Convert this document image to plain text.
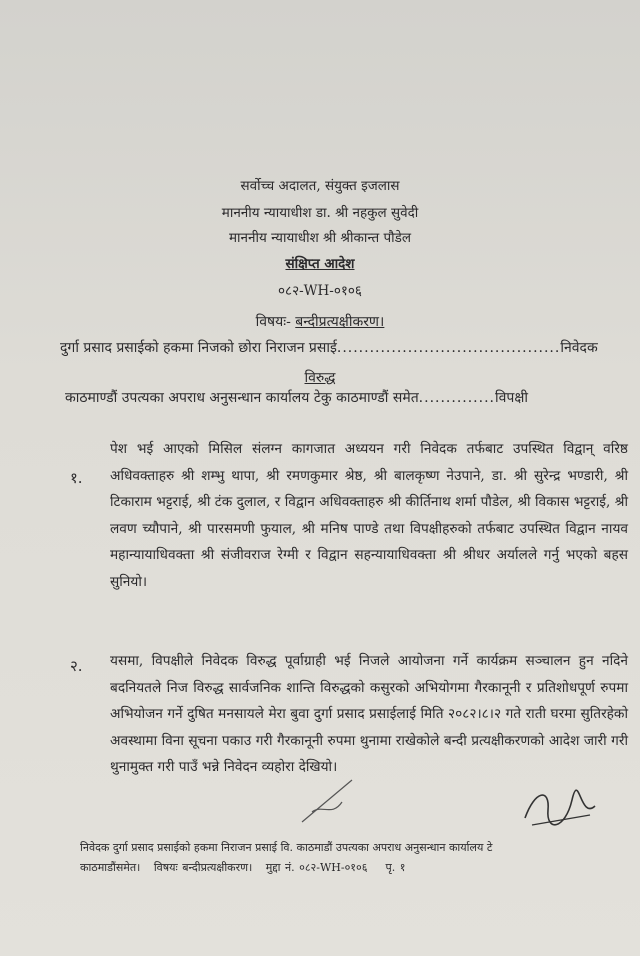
सर्वोच्च अदालत, संयुक्त इजलास
माननीय न्यायाधीश डा. श्री नहकुल सुवेदी
माननीय न्यायाधीश श्री श्रीकान्त पौडेल
संक्षिप्त आदेश
०८२-WH-०१०६
विषयः- बन्दीप्रत्यक्षीकरण।
दुर्गा प्रसाद प्रसाईको हकमा निजको छोरा निराजन प्रसाई.........................................निवेदक
विरुद्ध
काठमाण्डौं उपत्यका अपराध अनुसन्धान कार्यालय टेकु काठमाण्डौं समेत..............विपक्षी
१.
पेश भई आएको मिसिल संलग्न कागजात अध्ययन गरी निवेदक तर्फबाट उपस्थित विद्वान् वरिष्ठ अधिवक्ताहरु श्री शम्भु थापा, श्री रमणकुमार श्रेष्ठ, श्री बालकृष्ण नेउपाने, डा. श्री सुरेन्द्र भण्डारी, श्री टिकाराम भट्टराई, श्री टंक दुलाल, र विद्वान अधिवक्ताहरु श्री कीर्तिनाथ शर्मा पौडेल, श्री विकास भट्टराई, श्री लवण च्यौपाने, श्री पारसमणी फुयाल, श्री मनिष पाण्डे तथा विपक्षीहरुको तर्फबाट उपस्थित विद्वान नायव महान्यायाधिवक्ता श्री संजीवराज रेग्मी र विद्वान सहन्यायाधिवक्ता श्री श्रीधर अर्यालले गर्नु भएको बहस सुनियो।
२. यसमा, विपक्षीले निवेदक विरुद्ध पूर्वाग्राही भई निजले आयोजना गर्ने कार्यक्रम सञ्चालन हुन नदिने बदनियतले निज विरुद्ध सार्वजनिक शान्ति विरुद्धको कसुरको अभियोगमा गैरकानूनी र प्रतिशोधपूर्ण रुपमा अभियोजन गर्ने दुषित मनसायले मेरा बुवा दुर्गा प्रसाद प्रसाईलाई मिति २०८२।८।२ गते राती घरमा सुतिरहेको अवस्थामा विना सूचना पकाउ गरी गैरकानूनी रुपमा थुनामा राखेकोले बन्दी प्रत्यक्षीकरणको आदेश जारी गरी थुनामुक्त गरी पाउँ भन्ने निवेदन व्यहोरा देखियो।
निवेदक दुर्गा प्रसाद प्रसाईको हकमा निराजन प्रसाई वि. काठमाडौं उपत्यका अपराध अनुसन्धान कार्यालय टे
काठमाडौंसमेत। विषयः बन्दीप्रत्यक्षीकरण। मुद्दा नं. ०८२-WH-०१०६ पृ. १
